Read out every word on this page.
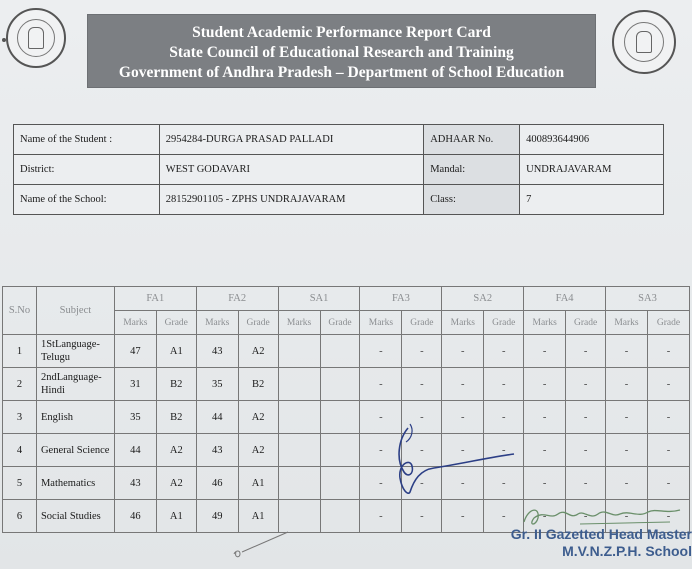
Student Academic Performance Report Card
State Council of Educational Research and Training
Government of Andhra Pradesh – Department of School Education
Name of the Student :	2954284-DURGA PRASAD PALLADI	ADHAAR No.	400893644906
District:	WEST GODAVARI	Mandal:	UNDRAJAVARAM
Name of the School:	28152901105 - ZPHS UNDRAJAVARAM	Class:	7
S.No	Subject	FA1		FA2		SA1		FA3		SA2		FA4		SA3	
		Marks	Grade	Marks	Grade	Marks	Grade	Marks	Grade	Marks	Grade	Marks	Grade	Marks	Grade
1	1StLanguage-Telugu	47	A1	43	A2			-	-	-	-	-	-	-	-
2	2ndLanguage-Hindi	31	B2	35	B2			-	-	-	-	-	-	-	-
3	English	35	B2	44	A2			-	-	-	-	-	-	-	-
4	General Science	44	A2	43	A2			-	-	-	-	-	-	-	-
5	Mathematics	43	A2	46	A1			-	-	-	-	-	-	-	-
6	Social Studies	46	A1	49	A1			-	-	-	-	-	-	-	-
Gr. II Gazetted Head Master
M.V.N.Z.P.H. School
